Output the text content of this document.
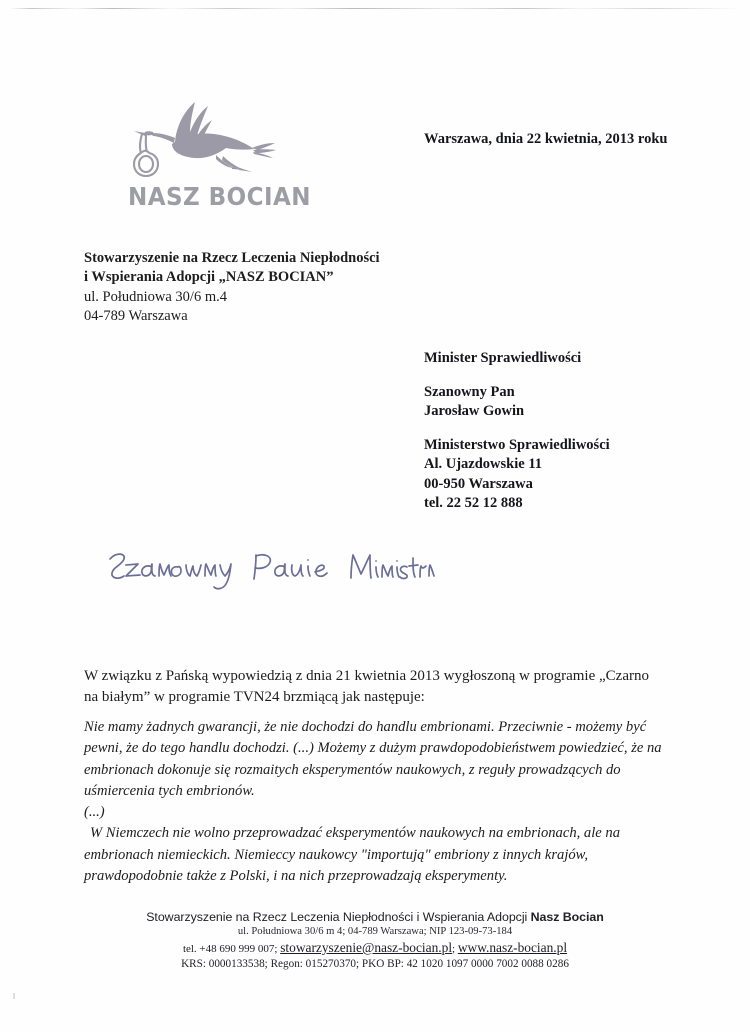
NASZ BOCIAN
Warszawa, dnia 22 kwietnia, 2013 roku
Stowarzyszenie na Rzecz Leczenia Niepłodności
i Wspierania Adopcji „NASZ BOCIAN”
ul. Południowa 30/6 m.4
04-789 Warszawa
Minister Sprawiedliwości
Szanowny Pan
Jarosław Gowin
Ministerstwo Sprawiedliwości
Al. Ujazdowskie 11
00-950 Warszawa
tel. 22 52 12 888
W związku z Pańską wypowiedzią z dnia 21 kwietnia 2013 wygłoszoną w programie „Czarno na białym” w programie TVN24 brzmiącą jak następuje:

Nie mamy żadnych gwarancji, że nie dochodzi do handlu embrionami. Przeciwnie - możemy być pewni, że do tego handlu dochodzi. (...) Możemy z dużym prawdopodobieństwem powiedzieć, że na embrionach dokonuje się rozmaitych eksperymentów naukowych, z reguły prowadzących do uśmiercenia tych embrionów.

(...)

W Niemczech nie wolno przeprowadzać eksperymentów naukowych na embrionach, ale na embrionach niemieckich. Niemieccy naukowcy "importują" embriony z innych krajów, prawdopodobnie także z Polski, i na nich przeprowadzają eksperymenty.

Stowarzyszenie na Rzecz Leczenia Niepłodności i Wspierania Adopcji Nasz Bocian
ul. Południowa 30/6 m 4; 04-789 Warszawa; NIP 123-09-73-184
tel. +48 690 999 007; stowarzyszenie@nasz-bocian.pl; www.nasz-bocian.pl
KRS: 0000133538; Regon: 015270370; PKO BP: 42 1020 1097 0000 7002 0088 0286
